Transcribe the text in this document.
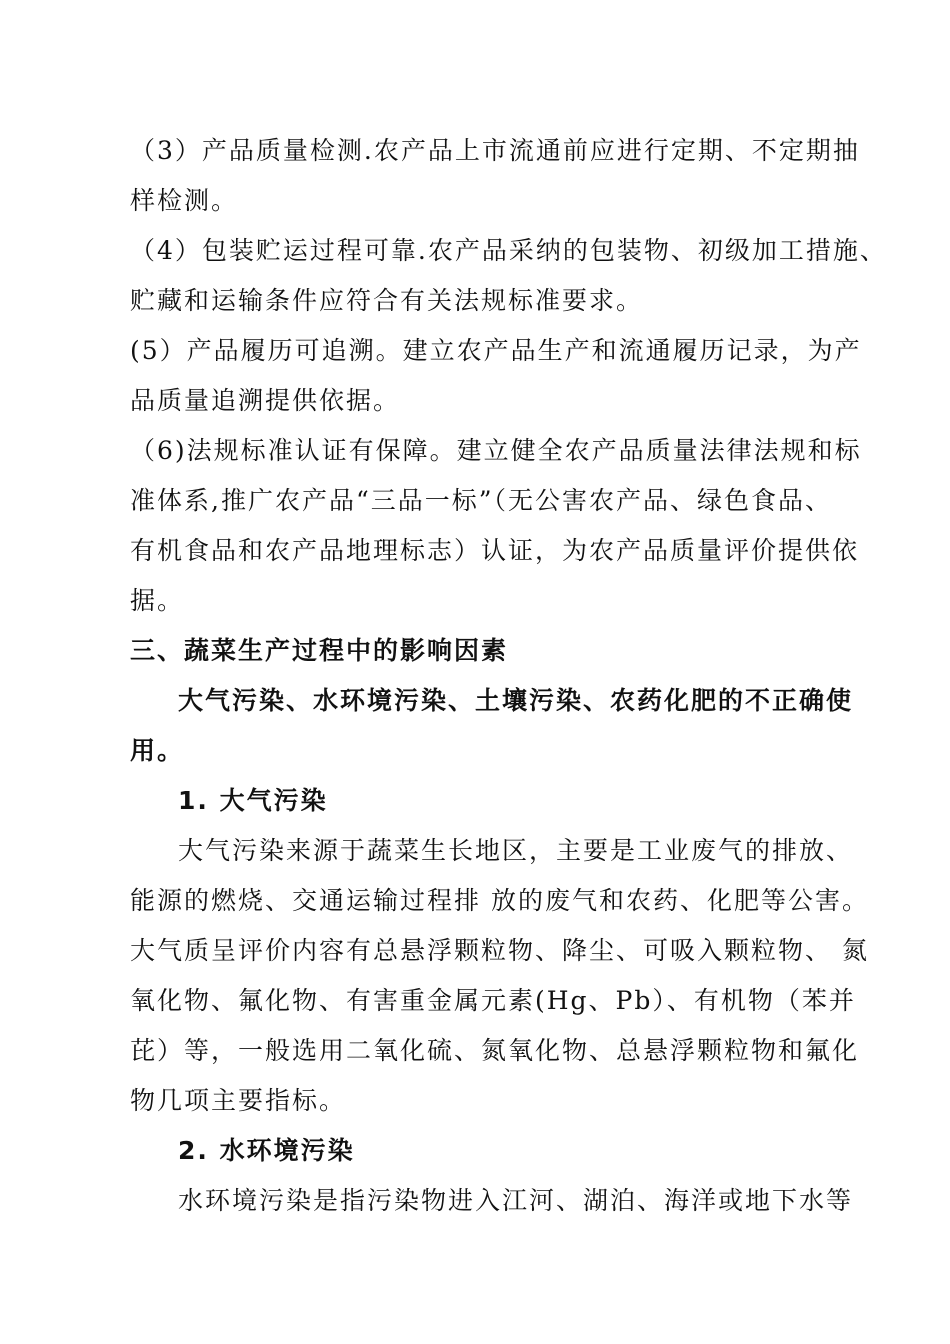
（3）产品质量检测.农产品上市流通前应进行定期、不定期抽
样检测。
（4）包装贮运过程可靠.农产品采纳的包装物、初级加工措施、
贮藏和运输条件应符合有关法规标准要求。
(5）产品履历可追溯。建立农产品生产和流通履历记录，为产
品质量追溯提供依据。
（6)法规标准认证有保障。建立健全农产品质量法律法规和标
准体系,推广农产品“三品一标”（无公害农产品、绿色食品、
有机食品和农产品地理标志）认证，为农产品质量评价提供依
据。
三、蔬菜生产过程中的影响因素
大气污染、水环境污染、土壤污染、农药化肥的不正确使
用。
1. 大气污染
大气污染来源于蔬菜生长地区，主要是工业废气的排放、
能源的燃烧、交通运输过程排 放的废气和农药、化肥等公害。
大气质呈评价内容有总悬浮颗粒物、降尘、可吸入颗粒物、 氮
氧化物、氟化物、有害重金属元素(Hg、Pb）、有机物（苯并
芘）等，一般选用二氧化硫、氮氧化物、总悬浮颗粒物和氟化
物几项主要指标。
2. 水环境污染
水环境污染是指污染物进入江河、湖泊、海洋或地下水等
